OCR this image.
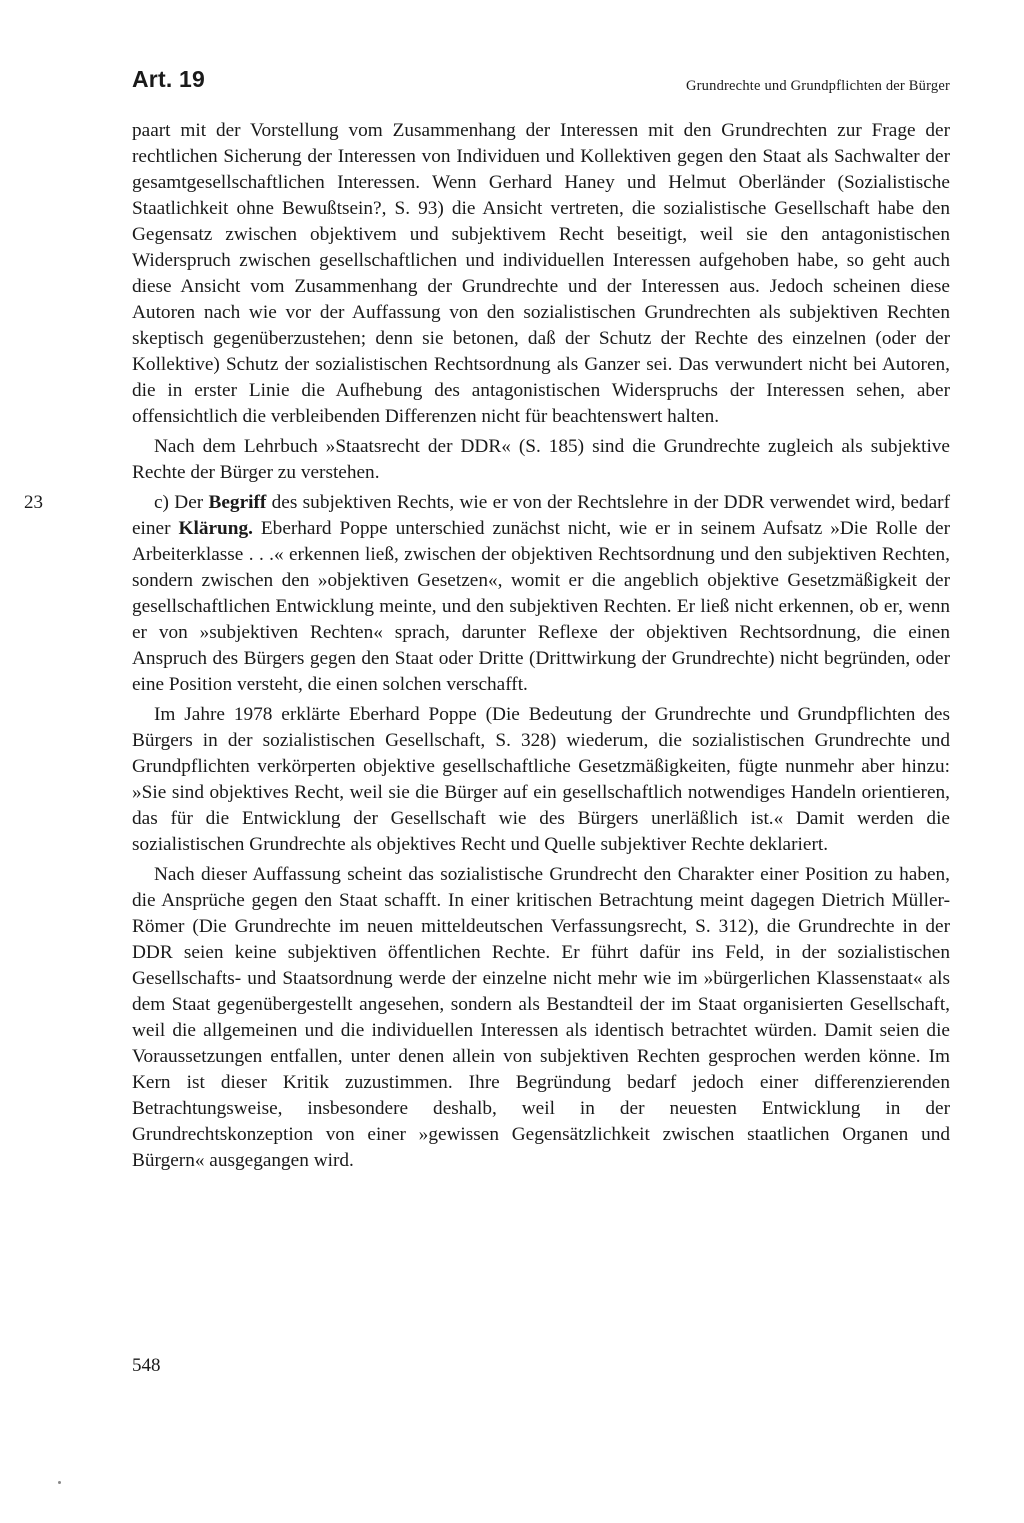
Art. 19	Grundrechte und Grundpflichten der Bürger

paart mit der Vorstellung vom Zusammenhang der Interessen mit den Grundrechten zur Frage der rechtlichen Sicherung der Interessen von Individuen und Kollektiven gegen den Staat als Sachwalter der gesamtgesellschaftlichen Interessen. Wenn Gerhard Haney und Helmut Oberländer (Sozialistische Staatlichkeit ohne Bewußtsein?, S. 93) die Ansicht vertreten, die sozialistische Gesellschaft habe den Gegensatz zwischen objektivem und subjektivem Recht beseitigt, weil sie den antagonistischen Widerspruch zwischen gesellschaftlichen und individuellen Interessen aufgehoben habe, so geht auch diese Ansicht vom Zusammenhang der Grundrechte und der Interessen aus. Jedoch scheinen diese Autoren nach wie vor der Auffassung von den sozialistischen Grundrechten als subjektiven Rechten skeptisch gegenüberzustehen; denn sie betonen, daß der Schutz der Rechte des einzelnen (oder der Kollektive) Schutz der sozialistischen Rechtsordnung als Ganzer sei. Das verwundert nicht bei Autoren, die in erster Linie die Aufhebung des antagonistischen Widerspruchs der Interessen sehen, aber offensichtlich die verbleibenden Differenzen nicht für beachtenswert halten.

Nach dem Lehrbuch »Staatsrecht der DDR« (S. 185) sind die Grundrechte zugleich als subjektive Rechte der Bürger zu verstehen.

23	c) Der Begriff des subjektiven Rechts, wie er von der Rechtslehre in der DDR verwendet wird, bedarf einer Klärung. Eberhard Poppe unterschied zunächst nicht, wie er in seinem Aufsatz »Die Rolle der Arbeiterklasse . . .« erkennen ließ, zwischen der objektiven Rechtsordnung und den subjektiven Rechten, sondern zwischen den »objektiven Gesetzen«, womit er die angeblich objektive Gesetzmäßigkeit der gesellschaftlichen Entwicklung meinte, und den subjektiven Rechten. Er ließ nicht erkennen, ob er, wenn er von »subjektiven Rechten« sprach, darunter Reflexe der objektiven Rechtsordnung, die einen Anspruch des Bürgers gegen den Staat oder Dritte (Drittwirkung der Grundrechte) nicht begründen, oder eine Position versteht, die einen solchen verschafft.

Im Jahre 1978 erklärte Eberhard Poppe (Die Bedeutung der Grundrechte und Grundpflichten des Bürgers in der sozialistischen Gesellschaft, S. 328) wiederum, die sozialistischen Grundrechte und Grundpflichten verkörperten objektive gesellschaftliche Gesetzmäßigkeiten, fügte nunmehr aber hinzu: »Sie sind objektives Recht, weil sie die Bürger auf ein gesellschaftlich notwendiges Handeln orientieren, das für die Entwicklung der Gesellschaft wie des Bürgers unerläßlich ist.« Damit werden die sozialistischen Grundrechte als objektives Recht und Quelle subjektiver Rechte deklariert.

Nach dieser Auffassung scheint das sozialistische Grundrecht den Charakter einer Position zu haben, die Ansprüche gegen den Staat schafft. In einer kritischen Betrachtung meint dagegen Dietrich Müller-Römer (Die Grundrechte im neuen mitteldeutschen Verfassungsrecht, S. 312), die Grundrechte in der DDR seien keine subjektiven öffentlichen Rechte. Er führt dafür ins Feld, in der sozialistischen Gesellschafts- und Staatsordnung werde der einzelne nicht mehr wie im »bürgerlichen Klassenstaat« als dem Staat gegenübergestellt angesehen, sondern als Bestandteil der im Staat organisierten Gesellschaft, weil die allgemeinen und die individuellen Interessen als identisch betrachtet würden. Damit seien die Voraussetzungen entfallen, unter denen allein von subjektiven Rechten gesprochen werden könne. Im Kern ist dieser Kritik zuzustimmen. Ihre Begründung bedarf jedoch einer differenzierenden Betrachtungsweise, insbesondere deshalb, weil in der neuesten Entwicklung in der Grundrechtskonzeption von einer »gewissen Gegensätzlichkeit zwischen staatlichen Organen und Bürgern« ausgegangen wird.

548
